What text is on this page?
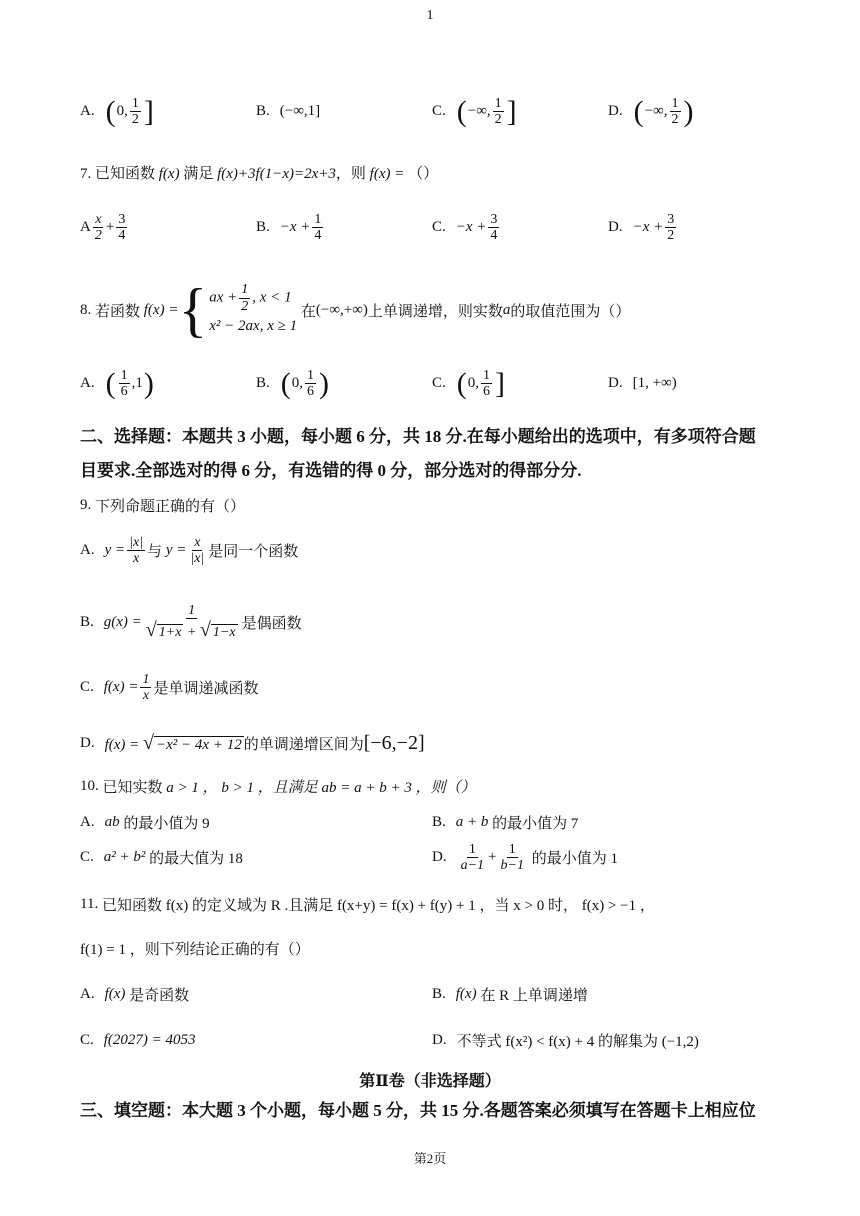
1
A. ( 0, $\frac{1}{2}$ ]	B. (−∞,1]	C. ( −∞, $\frac{1}{2}$ ]	D. ( −∞, $\frac{1}{2}$ )
7. 已知函数 f(x) 满足 f(x)+3f(1−x)=2x+3，则 f(x) = （）
A $\frac{x}{2} + \frac{3}{4}$	B. $-x + \frac{1}{4}$	C. $-x + \frac{3}{4}$	D. $-x + \frac{3}{2}$
8.
若函数
f(x) = { ax + $\frac{1}{2}$ , x < 1
x² − 2ax, x ≥ 1

在 (−∞,+∞) 上单调递增，则实数 a 的取值范围为（）
A. ( $\frac{1}{6} ,1$ )	B. ( 0, $\frac{1}{6}$ )	C. ( 0, $\frac{1}{6}$ ]	D. [1, +∞)
二、选择题：本题共 3 小题，每小题 6 分，共 18 分.在每小题给出的选项中，有多项符合题
目要求.全部选对的得 6 分，有选错的得 0 分，部分选对的得部分分.
9.
下列命题正确的有（）
A. $y = \frac{|x|}{x}$ 与 $y = \frac{x}{|x|}$ 是同一个函数
B. $g(x) = \frac{1}{√ 1+x + √ 1-x}$ 是偶函数
C. $f(x) = \frac{1}{x}$ 是单调递减函数
D. f(x) = √ −x² − 4x + 12 的单调递增区间为 [−6,−2]
10.
已知实数
a > 1 ， b > 1 ，且满足 ab = a + b + 3 ，则（）
A. ab
的最小值为 9	B. a + b
的最小值为 7
C. a² + b²
的最大值为 18	D. $\frac{1}{a-1} + \frac{1}{b-1}$
的最小值为 1
11.
已知函数 f(x) 的定义域为 R .且满足 f(x+y) = f(x) + f(y) + 1 ，当 x > 0 时， f(x) > −1 ，
f(1) = 1 ，则下列结论正确的有（）
A. f(x)
是奇函数	B. f(x)
在 R 上单调递增
C. f(2027) = 4053	D. 不等式 f(x²) < f(x) + 4 的解集为 (−1,2)
第Ⅱ卷（非选择题）
三、填空题：本大题 3 个小题，每小题 5 分，共 15 分.各题答案必须填写在答题卡上相应位
第2页
